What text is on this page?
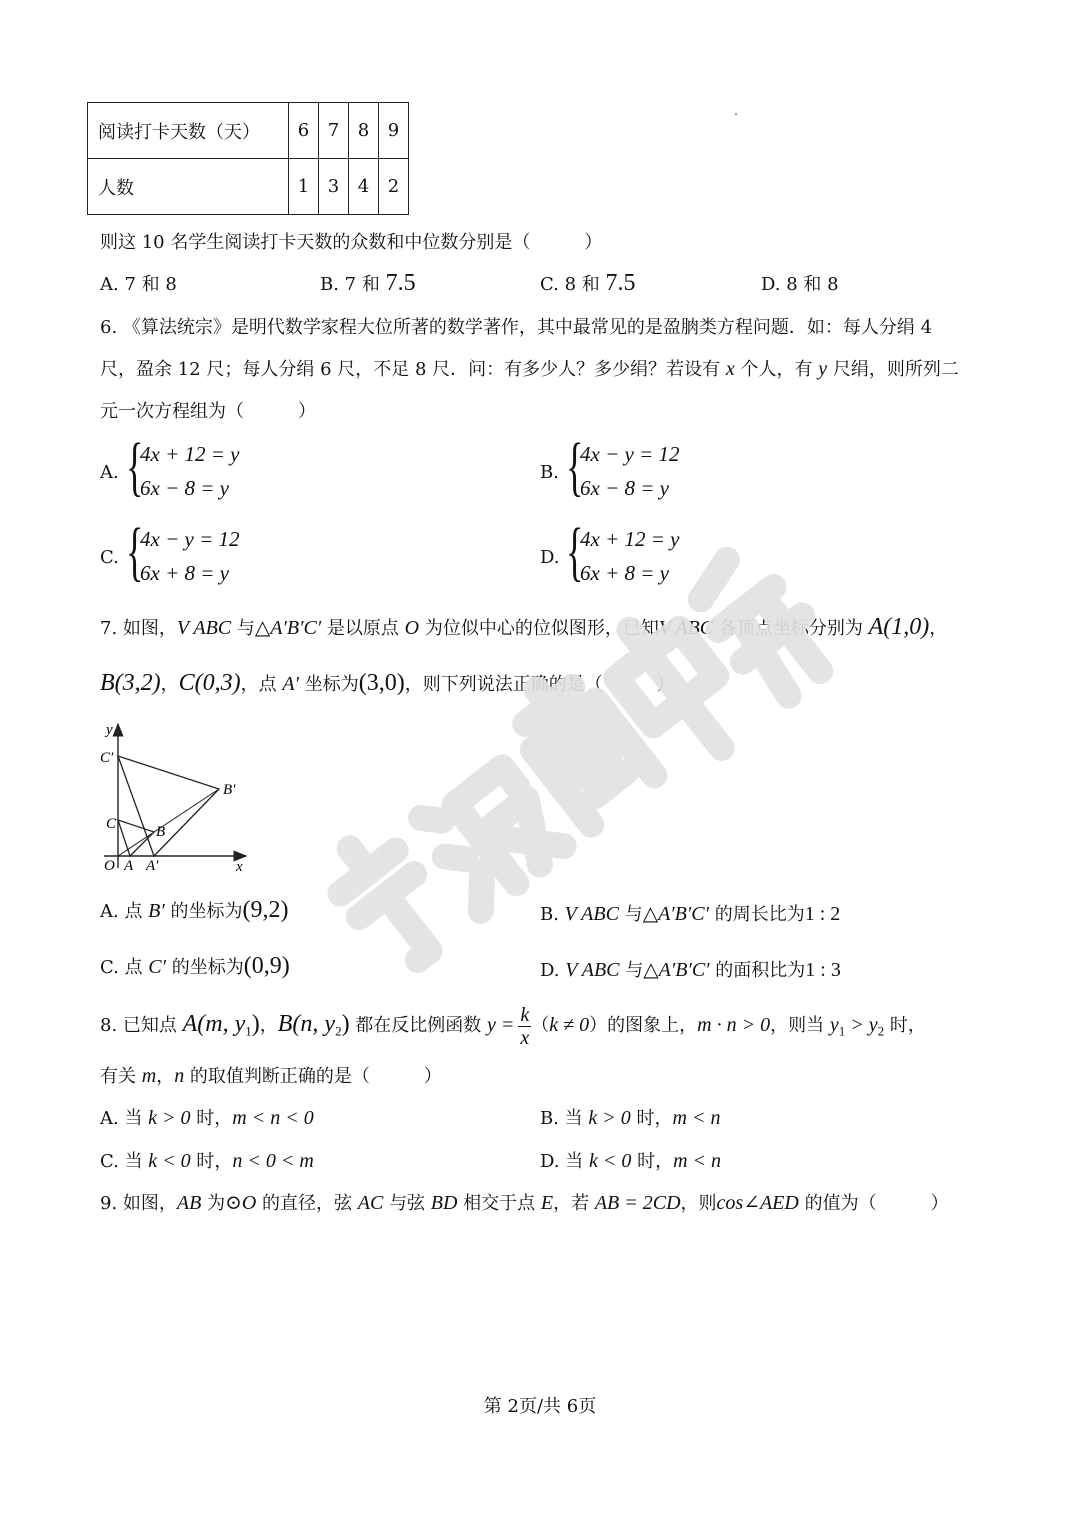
阅读打卡天数（天）	6	7	8	9
人数	1	3	4	2
则这 10 名学生阅读打卡天数的众数和中位数分别是（　　　）
A. 7 和 8	B. 7 和 7.5	C. 8 和 7.5	D. 8 和 8
6. 《算法统宗》是明代数学家程大位所著的数学著作，其中最常见的是盈朒类方程问题．如：每人分绢 4
尺，盈余 12 尺；每人分绢 6 尺，不足 8 尺．问：有多少人？多少绢？若设有 x 个人，有 y 尺绢，则所列二
元一次方程组为（　　　）
A. {
4x + 12 = y
6x − 8 = y
B. {
4x − y = 12
6x − 8 = y
C. {
4x − y = 12
6x + 8 = y
D. {
4x + 12 = y
6x + 8 = y
7. 如图，V ABC 与△A′B′C′ 是以原点 O 为位似中心的位似图形，已知V ABC 各顶点坐标分别为 A(1,0)，
B(3,2)，C(0,3)，点 A′ 坐标为(3,0)，则下列说法正确的是（　　　）
y
x
O A A′
B
B′
C
C′
A. 点 B′ 的坐标为(9,2)	B. V ABC 与△A′B′C′ 的周长比为1 : 2
C. 点 C′ 的坐标为(0,9)	D. V ABC 与△A′B′C′ 的面积比为1 : 3
8. 已知点 A(m, $y_1$)，B(n, $y_2$) 都在反比例函数 $y = \frac{k}{x} (k \ne 0)$的图象上，m · n > 0，则当 $y_1 > y_2$ 时，
有关 m，n 的取值判断正确的是（　　　）
A. 当 k > 0 时，m < n < 0	B. 当 k > 0 时，m < n
C. 当 k < 0 时，n < 0 < m	D. 当 k < 0 时，m < n
9. 如图，AB 为⊙O 的直径，弦 AC 与弦 BD 相交于点 E，若 AB = 2CD，则cos∠AED 的值为（　　　）
第 2页/共 6页
